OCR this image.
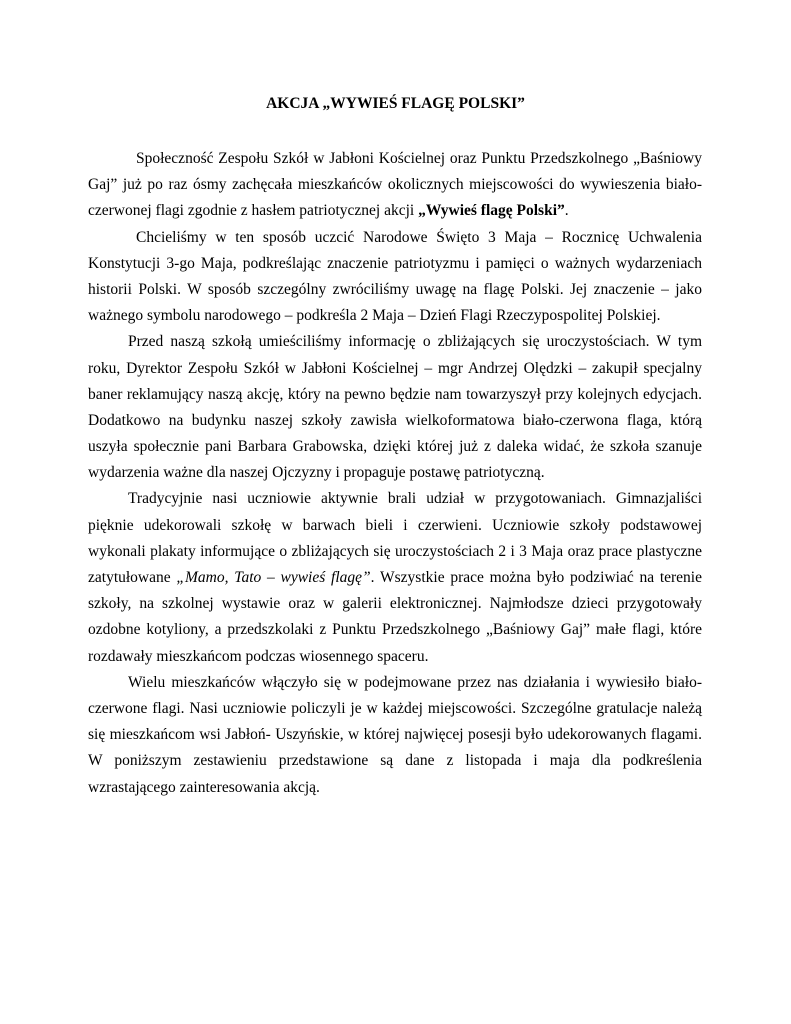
AKCJA „WYWIEŚ FLAGĘ POLSKI”
Społeczność Zespołu Szkół w Jabłoni Kościelnej oraz Punktu Przedszkolnego „Baśniowy
Gaj” już po raz ósmy zachęcała mieszkańców okolicznych miejscowości do wywieszenia biało-
czerwonej flagi zgodnie z hasłem patriotycznej akcji „Wywieś flagę Polski”.
Chcieliśmy w ten sposób uczcić Narodowe Święto 3 Maja – Rocznicę Uchwalenia
Konstytucji 3-go Maja, podkreślając znaczenie patriotyzmu i pamięci o ważnych wydarzeniach
historii Polski. W sposób szczególny zwróciliśmy uwagę na flagę Polski. Jej znaczenie – jako
ważnego symbolu narodowego – podkreśla 2 Maja – Dzień Flagi Rzeczypospolitej Polskiej.
Przed naszą szkołą umieściliśmy informację o zbliżających się uroczystościach. W tym
roku, Dyrektor Zespołu Szkół w Jabłoni Kościelnej – mgr Andrzej Olędzki – zakupił specjalny
baner reklamujący naszą akcję, który na pewno będzie nam towarzyszył przy kolejnych edycjach.
Dodatkowo na budynku naszej szkoły zawisła wielkoformatowa biało-czerwona flaga, którą
uszyła społecznie pani Barbara Grabowska, dzięki której już z daleka widać, że szkoła szanuje
wydarzenia ważne dla naszej Ojczyzny i propaguje postawę patriotyczną.
Tradycyjnie nasi uczniowie aktywnie brali udział w przygotowaniach. Gimnazjaliści
pięknie udekorowali szkołę w barwach bieli i czerwieni. Uczniowie szkoły podstawowej
wykonali plakaty informujące o zbliżających się uroczystościach 2 i 3 Maja oraz prace plastyczne
zatytułowane „Mamo, Tato – wywieś flagę”. Wszystkie prace można było podziwiać na terenie
szkoły, na szkolnej wystawie oraz w galerii elektronicznej. Najmłodsze dzieci przygotowały
ozdobne kotyliony, a przedszkolaki z Punktu Przedszkolnego „Baśniowy Gaj” małe flagi, które
rozdawały mieszkańcom podczas wiosennego spaceru.
Wielu mieszkańców włączyło się w podejmowane przez nas działania i wywiesiło biało-
czerwone flagi. Nasi uczniowie policzyli je w każdej miejscowości. Szczególne gratulacje należą
się mieszkańcom wsi Jabłoń- Uszyńskie, w której najwięcej posesji było udekorowanych flagami.
W poniższym zestawieniu przedstawione są dane z listopada i maja dla podkreślenia
wzrastającego zainteresowania akcją.
